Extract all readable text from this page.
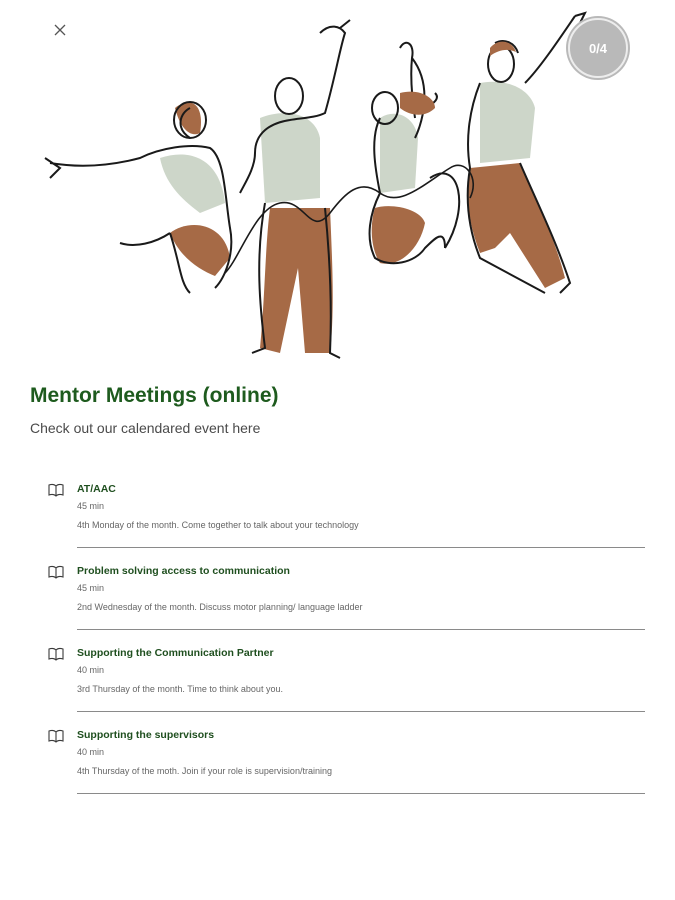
0/4
Mentor Meetings (online)
Check out our calendared event here
AT/AAC
45 min
4th Monday of the month. Come together to talk about your technology
Problem solving access to communication
45 min
2nd Wednesday of the month. Discuss motor planning/ language ladder
Supporting the Communication Partner
40 min
3rd Thursday of the month. Time to think about you.
Supporting the supervisors
40 min
4th Thursday of the moth. Join if your role is supervision/training
